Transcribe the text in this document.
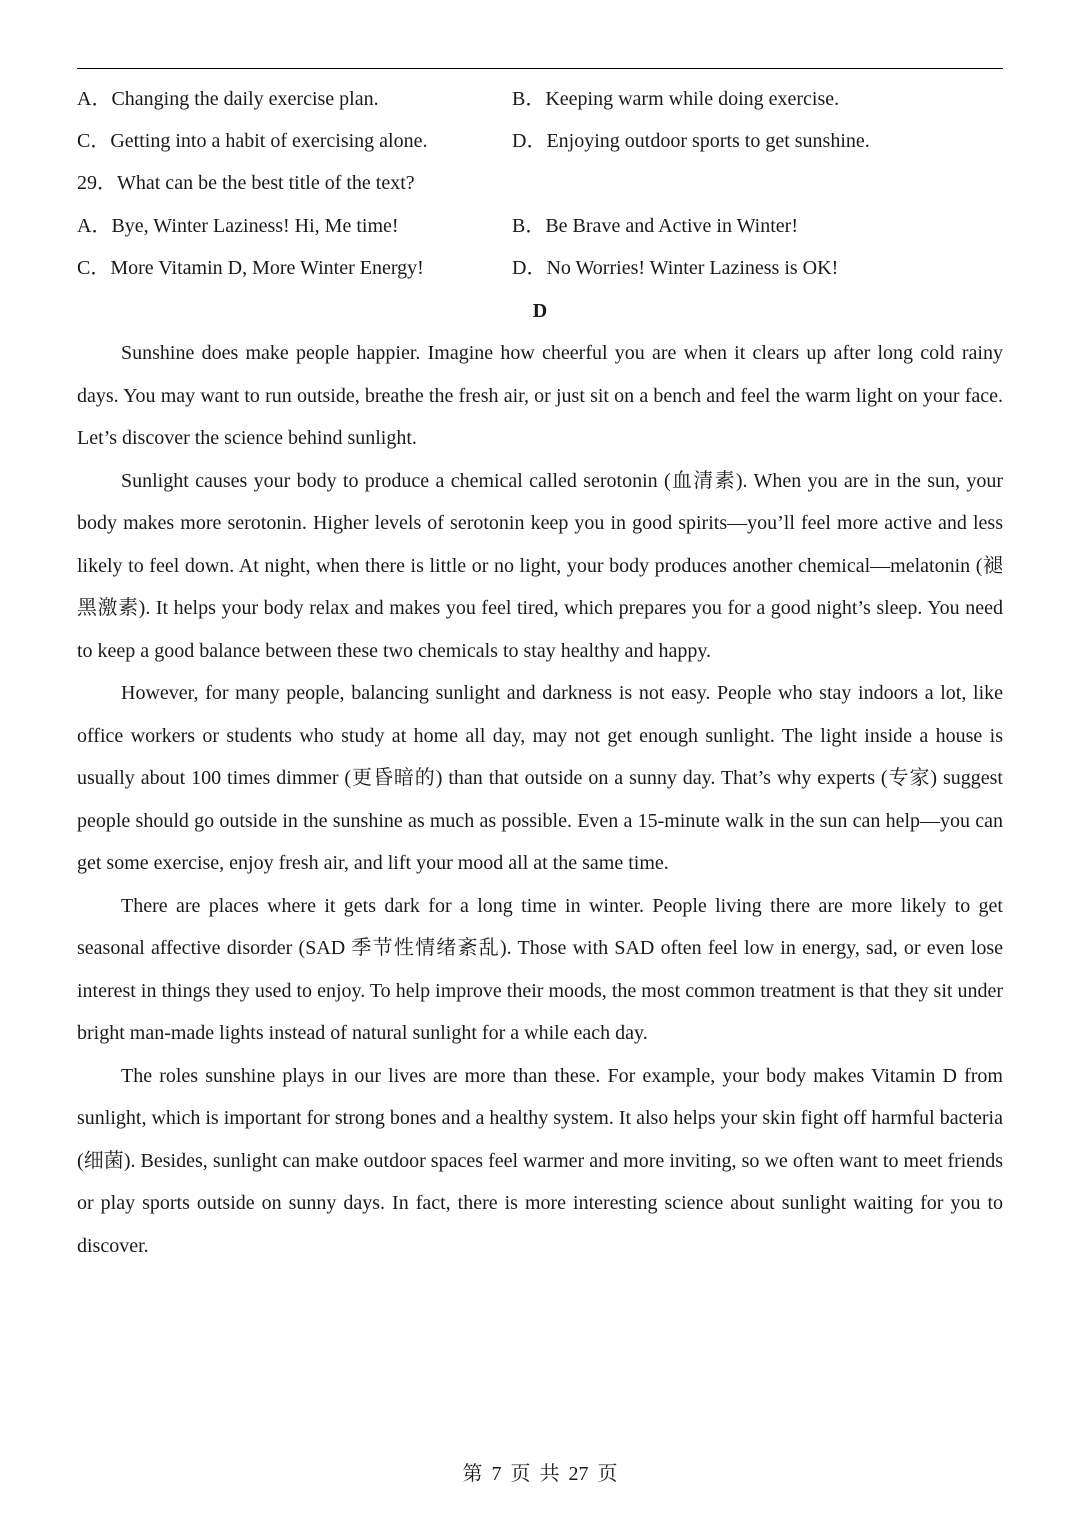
A．Changing the daily exercise plan.	B．Keeping warm while doing exercise.
C．Getting into a habit of exercising alone.	D．Enjoying outdoor sports to get sunshine.
29．What can be the best title of the text?
A．Bye, Winter Laziness! Hi, Me time!	B．Be Brave and Active in Winter!
C．More Vitamin D, More Winter Energy!	D．No Worries! Winter Laziness is OK!
D

Sunshine does make people happier. Imagine how cheerful you are when it clears up after long cold rainy days. You may want to run outside, breathe the fresh air, or just sit on a bench and feel the warm light on your face. Let’s discover the science behind sunlight.

Sunlight causes your body to produce a chemical called serotonin (血清素). When you are in the sun, your body makes more serotonin. Higher levels of serotonin keep you in good spirits—you’ll feel more active and less likely to feel down. At night, when there is little or no light, your body produces another chemical—melatonin (褪黑激素). It helps your body relax and makes you feel tired, which prepares you for a good night’s sleep. You need to keep a good balance between these two chemicals to stay healthy and happy.

However, for many people, balancing sunlight and darkness is not easy. People who stay indoors a lot, like office workers or students who study at home all day, may not get enough sunlight. The light inside a house is usually about 100 times dimmer (更昏暗的) than that outside on a sunny day. That’s why experts (专家) suggest people should go outside in the sunshine as much as possible. Even a 15-minute walk in the sun can help—you can get some exercise, enjoy fresh air, and lift your mood all at the same time.

There are places where it gets dark for a long time in winter. People living there are more likely to get seasonal affective disorder (SAD 季节性情绪紊乱). Those with SAD often feel low in energy, sad, or even lose interest in things they used to enjoy. To help improve their moods, the most common treatment is that they sit under bright man-made lights instead of natural sunlight for a while each day.

The roles sunshine plays in our lives are more than these. For example, your body makes Vitamin D from sunlight, which is important for strong bones and a healthy system. It also helps your skin fight off harmful bacteria (细菌). Besides, sunlight can make outdoor spaces feel warmer and more inviting, so we often want to meet friends or play sports outside on sunny days. In fact, there is more interesting science about sunlight waiting for you to discover.

第 7 页 共 27 页
